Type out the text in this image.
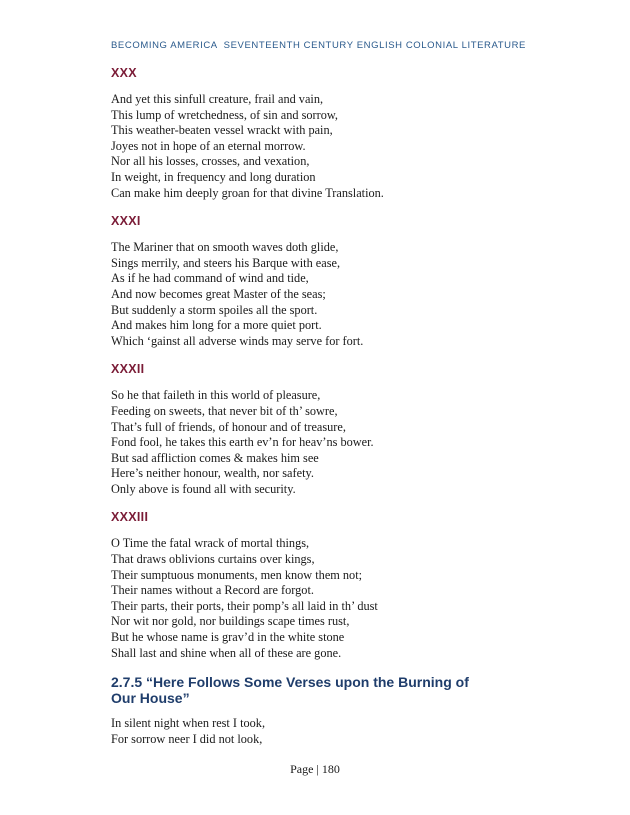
BECOMING AMERICA SEVENTEENTH CENTURY ENGLISH COLONIAL LITERATURE
XXX
And yet this sinfull creature, frail and vain,
This lump of wretchedness, of sin and sorrow,
This weather-beaten vessel wrackt with pain,
Joyes not in hope of an eternal morrow.
Nor all his losses, crosses, and vexation,
In weight, in frequency and long duration
Can make him deeply groan for that divine Translation.
XXXI
The Mariner that on smooth waves doth glide,
Sings merrily, and steers his Barque with ease,
As if he had command of wind and tide,
And now becomes great Master of the seas;
But suddenly a storm spoiles all the sport.
And makes him long for a more quiet port.
Which ‘gainst all adverse winds may serve for fort.
XXXII
So he that faileth in this world of pleasure,
Feeding on sweets, that never bit of th’ sowre,
That’s full of friends, of honour and of treasure,
Fond fool, he takes this earth ev’n for heav’ns bower.
But sad affliction comes & makes him see
Here’s neither honour, wealth, nor safety.
Only above is found all with security.
XXXIII
O Time the fatal wrack of mortal things,
That draws oblivions curtains over kings,
Their sumptuous monuments, men know them not;
Their names without a Record are forgot.
Their parts, their ports, their pomp’s all laid in th’ dust
Nor wit nor gold, nor buildings scape times rust,
But he whose name is grav’d in the white stone
Shall last and shine when all of these are gone.
2.7.5 “Here Follows Some Verses upon the Burning of
Our House”
In silent night when rest I took,
For sorrow neer I did not look,
Page | 180
